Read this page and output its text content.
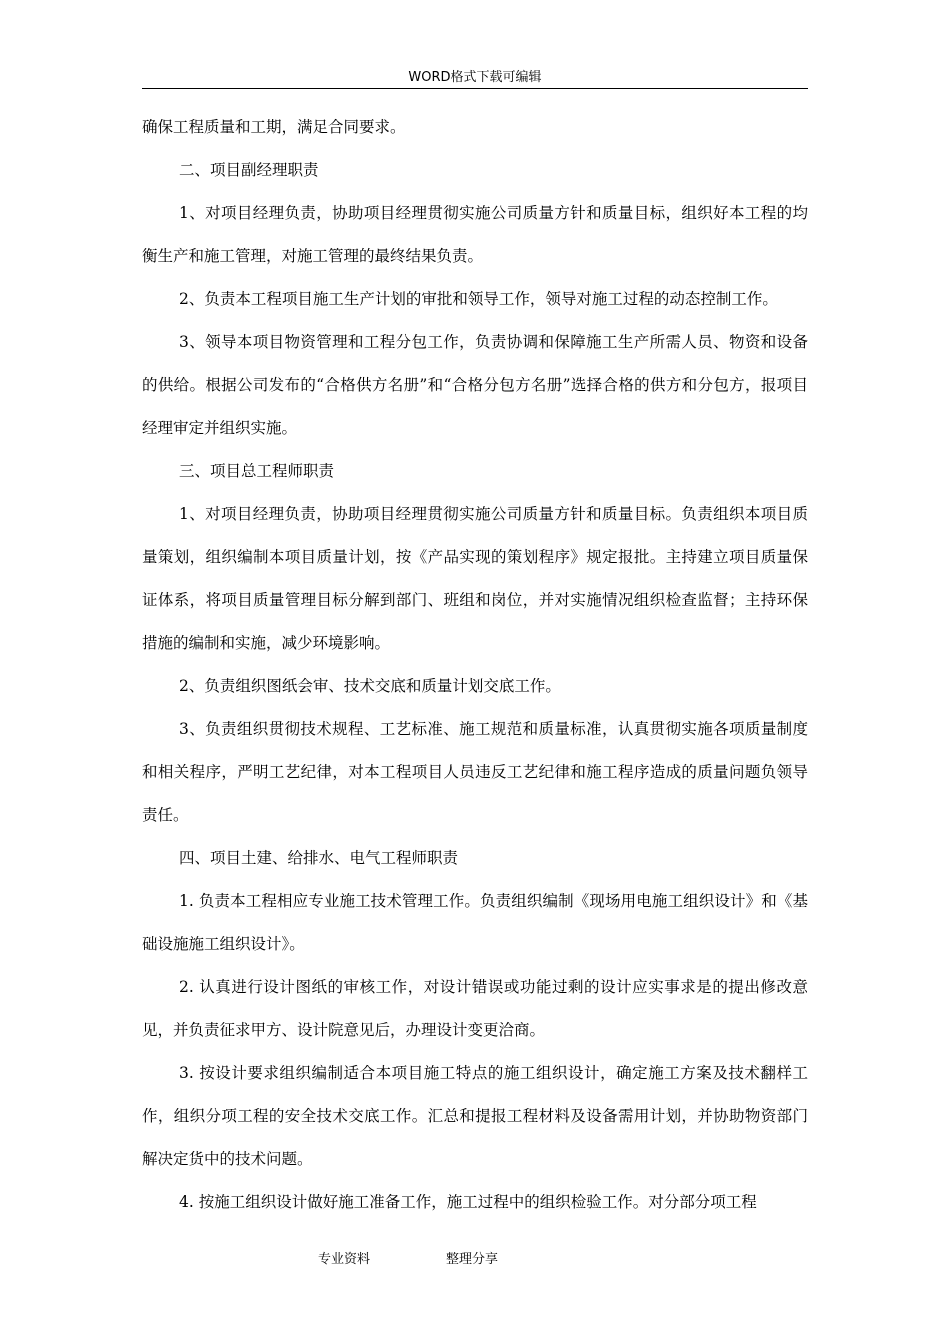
WORD格式下载可编辑

确保工程质量和工期，满足合同要求。

二、项目副经理职责

1、对项目经理负责，协助项目经理贯彻实施公司质量方针和质量目标，组织好本工程的均衡生产和施工管理，对施工管理的最终结果负责。

2、负责本工程项目施工生产计划的审批和领导工作，领导对施工过程的动态控制工作。

3、领导本项目物资管理和工程分包工作，负责协调和保障施工生产所需人员、物资和设备的供给。根据公司发布的“合格供方名册”和“合格分包方名册”选择合格的供方和分包方，报项目经理审定并组织实施。

三、项目总工程师职责

1、对项目经理负责，协助项目经理贯彻实施公司质量方针和质量目标。负责组织本项目质量策划，组织编制本项目质量计划，按《产品实现的策划程序》规定报批。主持建立项目质量保证体系，将项目质量管理目标分解到部门、班组和岗位，并对实施情况组织检查监督；主持环保措施的编制和实施，减少环境影响。

2、负责组织图纸会审、技术交底和质量计划交底工作。

3、负责组织贯彻技术规程、工艺标准、施工规范和质量标准，认真贯彻实施各项质量制度和相关程序，严明工艺纪律，对本工程项目人员违反工艺纪律和施工程序造成的质量问题负领导责任。

四、项目土建、给排水、电气工程师职责

1. 负责本工程相应专业施工技术管理工作。负责组织编制《现场用电施工组织设计》和《基础设施施工组织设计》。

2. 认真进行设计图纸的审核工作，对设计错误或功能过剩的设计应实事求是的提出修改意见，并负责征求甲方、设计院意见后，办理设计变更洽商。

3. 按设计要求组织编制适合本项目施工特点的施工组织设计，确定施工方案及技术翻样工作，组织分项工程的安全技术交底工作。汇总和提报工程材料及设备需用计划，并协助物资部门解决定货中的技术问题。

4. 按施工组织设计做好施工准备工作，施工过程中的组织检验工作。对分部分项工程

专业资料	整理分享
